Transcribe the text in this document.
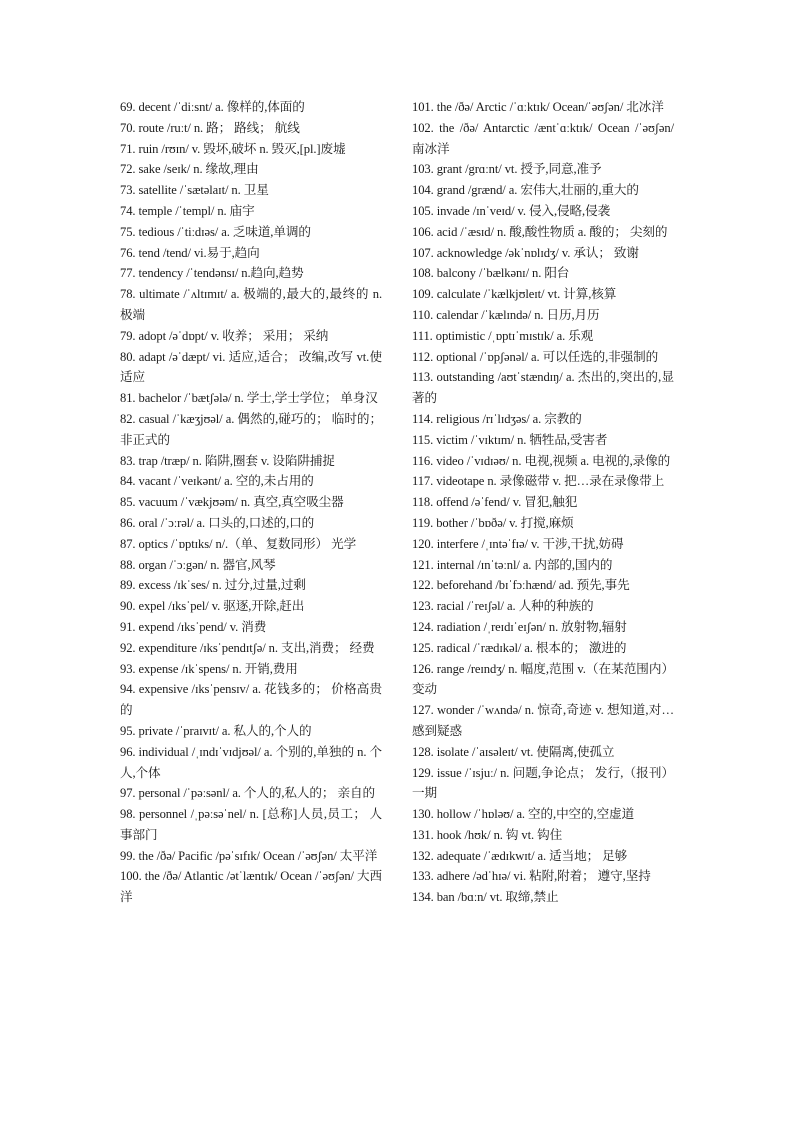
69. decent /ˈdiːsnt/ a. 像样的,体面的
70. route /ruːt/ n. 路； 路线； 航线
71. ruin /rʊɪn/ v. 毁坏,破坏 n. 毁灭,[pl.]废墟
72. sake /seɪk/ n. 缘故,理由
73. satellite /ˈsætəlaɪt/ n. 卫星
74. temple /ˈtempl/ n. 庙宇
75. tedious /ˈtiːdɪəs/ a. 乏味道,单调的
76. tend /tend/ vi.易于,趋向
77. tendency /ˈtendənsɪ/ n.趋向,趋势
78. ultimate /ˈʌltɪmɪt/ a. 极端的,最大的,最终的 n. 极端
79. adopt /əˈdɒpt/ v. 收养； 采用； 采纳
80. adapt /əˈdæpt/ vi. 适应,适合； 改编,改写 vt.使适应
81. bachelor /ˈbætʃələ/ n. 学士,学士学位； 单身汉
82. casual /ˈkæʒjʊəl/ a. 偶然的,碰巧的； 临时的； 非正式的
83. trap /træp/ n. 陷阱,圈套 v. 设陷阱捕捉
84. vacant /ˈveɪkənt/ a. 空的,未占用的
85. vacuum /ˈvækjʊəm/ n. 真空,真空吸尘器
86. oral /ˈɔːrəl/ a. 口头的,口述的,口的
87. optics /ˈɒptɪks/ n/.（单、复数同形） 光学
88. organ /ˈɔːgən/ n. 器官,风琴
89. excess /ɪkˈses/ n. 过分,过量,过剩
90. expel /ɪksˈpel/ v. 驱逐,开除,赶出
91. expend /ɪksˈpend/ v. 消费
92. expenditure /ɪksˈpendɪtʃə/ n. 支出,消费； 经费
93. expense /ɪkˈspens/ n. 开销,费用
94. expensive /ɪksˈpensɪv/ a. 花钱多的； 价格高贵的
95. private /ˈpraɪvɪt/ a. 私人的,个人的
96. individual /ˌɪndɪˈvɪdjʊəl/ a. 个别的,单独的 n. 个人,个体
97. personal /ˈpəːsənl/ a. 个人的,私人的； 亲自的
98. personnel /ˌpəːsəˈnel/ n. [总称]人员,员工； 人事部门
99. the /ðə/ Pacific /pəˈsɪfɪk/ Ocean /ˈəʊʃən/ 太平洋
100. the /ðə/ Atlantic /ətˈlæntɪk/ Ocean /ˈəʊʃən/ 大西洋
101. the /ðə/ Arctic /ˈɑːktɪk/ Ocean/ˈəʊʃən/ 北冰洋
102. the /ðə/ Antarctic /æntˈɑːktɪk/ Ocean /ˈəʊʃən/ 南冰洋
103. grant /grɑːnt/ vt. 授予,同意,准予
104. grand /grænd/ a. 宏伟大,壮丽的,重大的
105. invade /ɪnˈveɪd/ v. 侵入,侵略,侵袭
106. acid /ˈæsɪd/ n. 酸,酸性物质 a. 酸的； 尖刻的
107. acknowledge /əkˈnɒlɪdʒ/ v. 承认； 致谢
108. balcony /ˈbælkənɪ/ n. 阳台
109. calculate /ˈkælkjʊleɪt/ vt. 计算,核算
110. calendar /ˈkælɪndə/ n. 日历,月历
111. optimistic /ˌɒptɪˈmɪstɪk/ a. 乐观
112. optional /ˈɒpʃənəl/ a. 可以任选的,非强制的
113. outstanding /aʊtˈstændɪŋ/ a. 杰出的,突出的,显著的
114. religious /rɪˈlɪdʒəs/ a. 宗教的
115. victim /ˈvɪktɪm/ n. 牺牲品,受害者
116. video /ˈvɪdɪəʊ/ n. 电视,视频 a. 电视的,录像的
117. videotape n. 录像磁带 v. 把…录在录像带上
118. offend /əˈfend/ v. 冒犯,触犯
119. bother /ˈbɒðə/ v. 打搅,麻烦
120. interfere /ˌɪntəˈfɪə/ v. 干涉,干扰,妨碍
121. internal /ɪnˈtəːnl/ a. 内部的,国内的
122. beforehand /bɪˈfɔːhænd/ ad. 预先,事先
123. racial /ˈreɪʃəl/ a. 人种的种族的
124. radiation /ˌreɪdɪˈeɪʃən/ n. 放射物,辐射
125. radical /ˈrædɪkəl/ a. 根本的； 激进的
126. range /reɪndʒ/ n. 幅度,范围 v.（在某范围内） 变动
127. wonder /ˈwʌndə/ n. 惊奇,奇迹 v. 想知道,对…感到疑惑
128. isolate /ˈaɪsəleɪt/ vt. 使隔离,使孤立
129. issue /ˈɪsjuː/ n. 问题,争论点； 发行,（报刊） 一期
130. hollow /ˈhɒləʊ/ a. 空的,中空的,空虚道
131. hook /hʊk/ n. 钩 vt. 钩住
132. adequate /ˈædɪkwɪt/ a. 适当地； 足够
133. adhere /ədˈhɪə/ vi. 粘附,附着； 遵守,坚持
134. ban /bɑːn/ vt. 取缔,禁止
